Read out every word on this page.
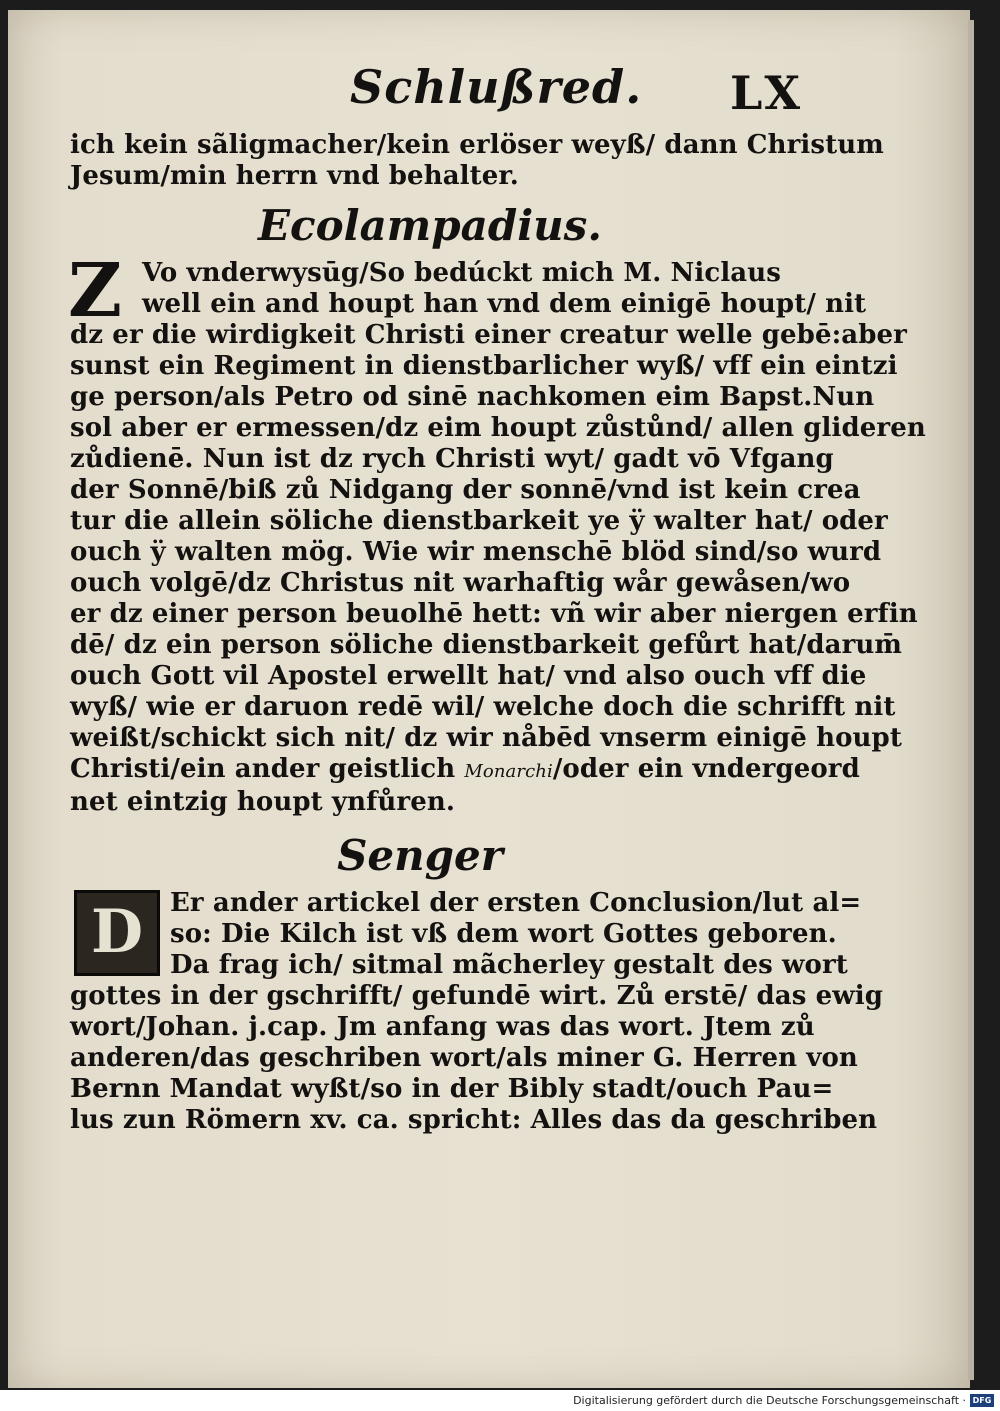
Schlußred. LX
ich kein sãligmacher/kein erlöser weyß/ dann Christum
Jesum/min herrn vnd behalter.
Ecolampadius.
Z Vo vnderwysūg/So bedúckt mich M. Niclaus
well ein and houpt han vnd dem einigē houpt/ nit
dz er die wirdigkeit Christi einer creatur welle gebē:aber
sunst ein Regiment in dienstbarlicher wyß/ vff ein eintzi
ge person/als Petro od sinē nachkomen eim Bapst.Nun
sol aber er ermessen/dz eim houpt zůstůnd/ allen glideren
zůdienē. Nun ist dz rych Christi wyt/ gadt vō Vfgang
der Sonnē/biß zů Nidgang der sonnē/vnd ist kein crea
tur die allein söliche dienstbarkeit ye ÿ walter hat/ oder
ouch ÿ walten mög. Wie wir menschē blöd sind/so wurd
ouch volgē/dz Christus nit warhaftig wår gewåsen/wo
er dz einer person beuolhē hett: vñ wir aber niergen erfin
dē/ dz ein person söliche dienstbarkeit gefůrt hat/darum̄
ouch Gott vil Apostel erwellt hat/ vnd also ouch vff die
wyß/ wie er daruon redē wil/ welche doch die schrifft nit
weißt/schickt sich nit/ dz wir nåbēd vnserm einigē houpt
Christi/ein ander geistlich Monarchi/oder ein vndergeord
net eintzig houpt ynfůren.
Senger
D	Er ander artickel der ersten Conclusion/lut al=
so: Die Kilch ist vß dem wort Gottes geboren.
Da frag ich/ sitmal mãcherley gestalt des wort
gottes in der gschrifft/ gefundē wirt. Zů erstē/ das ewig
wort/Johan. j.cap. Jm anfang was das wort. Jtem zů
anderen/das geschriben wort/als miner G. Herren von
Bernn Mandat wyßt/so in der Bibly stadt/ouch Pau=
lus zun Römern xv. ca. spricht: Alles das da geschriben
Digitalisierung gefördert durch die Deutsche Forschungsgemeinschaft · DFG
